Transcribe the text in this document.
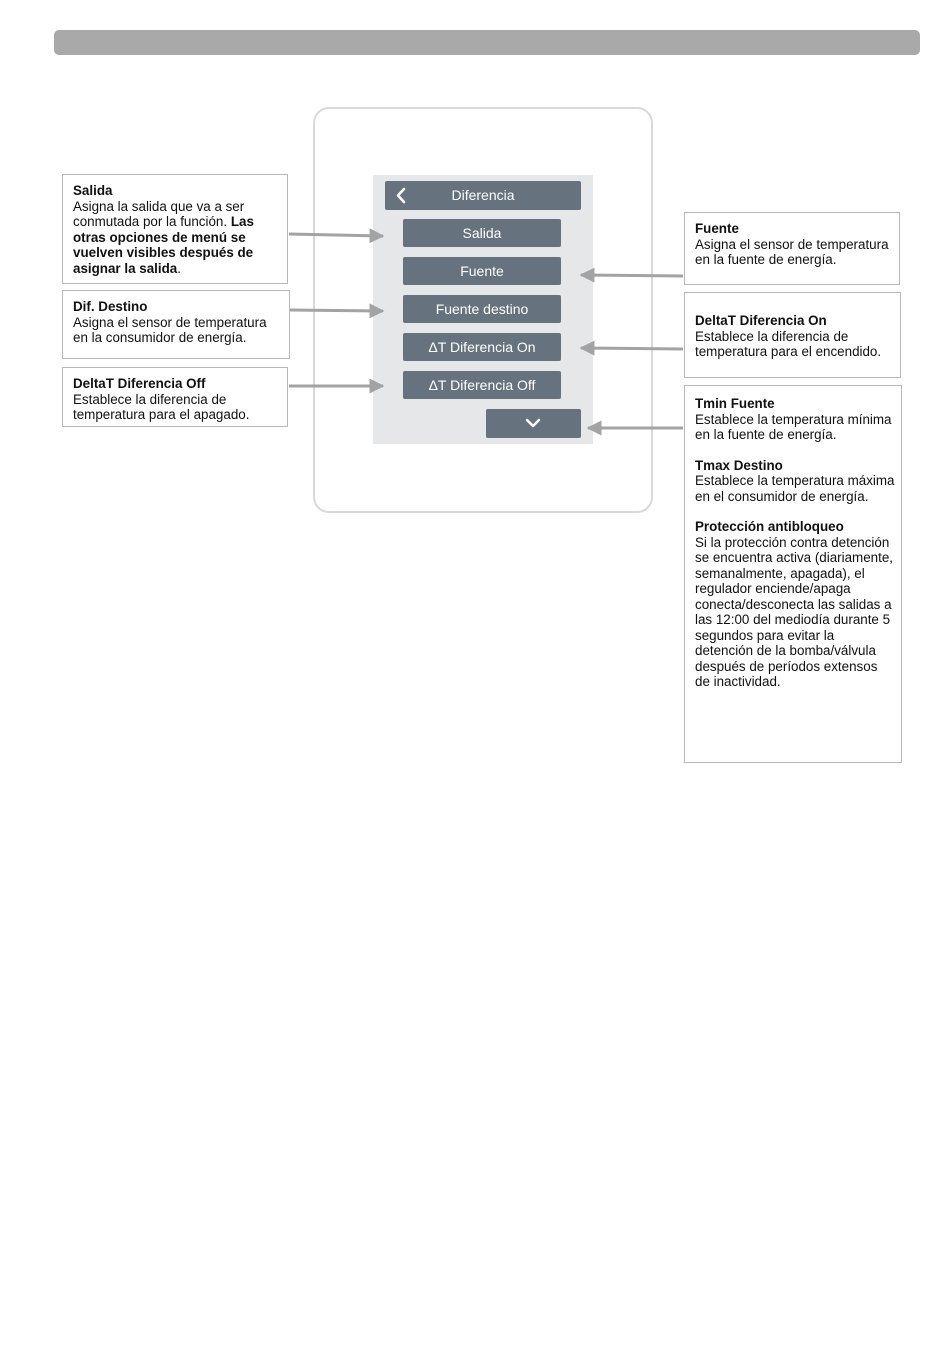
Diferencia
Salida
Fuente
Fuente destino
ΔT Diferencia On
ΔT Diferencia Off
Salida
Asigna la salida que va a ser conmutada por la función. Las otras opciones de menú se vuelven visibles después de asignar la salida.
Dif. Destino
Asigna el sensor de temperatura en la consumidor de energía.
DeltaT Diferencia Off
Establece la diferencia de temperatura para el apagado.
Fuente
Asigna el sensor de temperatura en la fuente de energía.
DeltaT Diferencia On
Establece la diferencia de temperatura para el encendido.
Tmin Fuente
Establece la temperatura mínima en la fuente de energía.
Tmax Destino
Establece la temperatura máxima en el consumidor de energía.
Protección antibloqueo
Si la protección contra detención se encuentra activa (diariamente, semanalmente, apagada), el regulador enciende/apaga conecta/desconecta las salidas a las 12:00 del mediodía durante 5 segundos para evitar la detención de la bomba/válvula después de períodos extensos de inactividad.
